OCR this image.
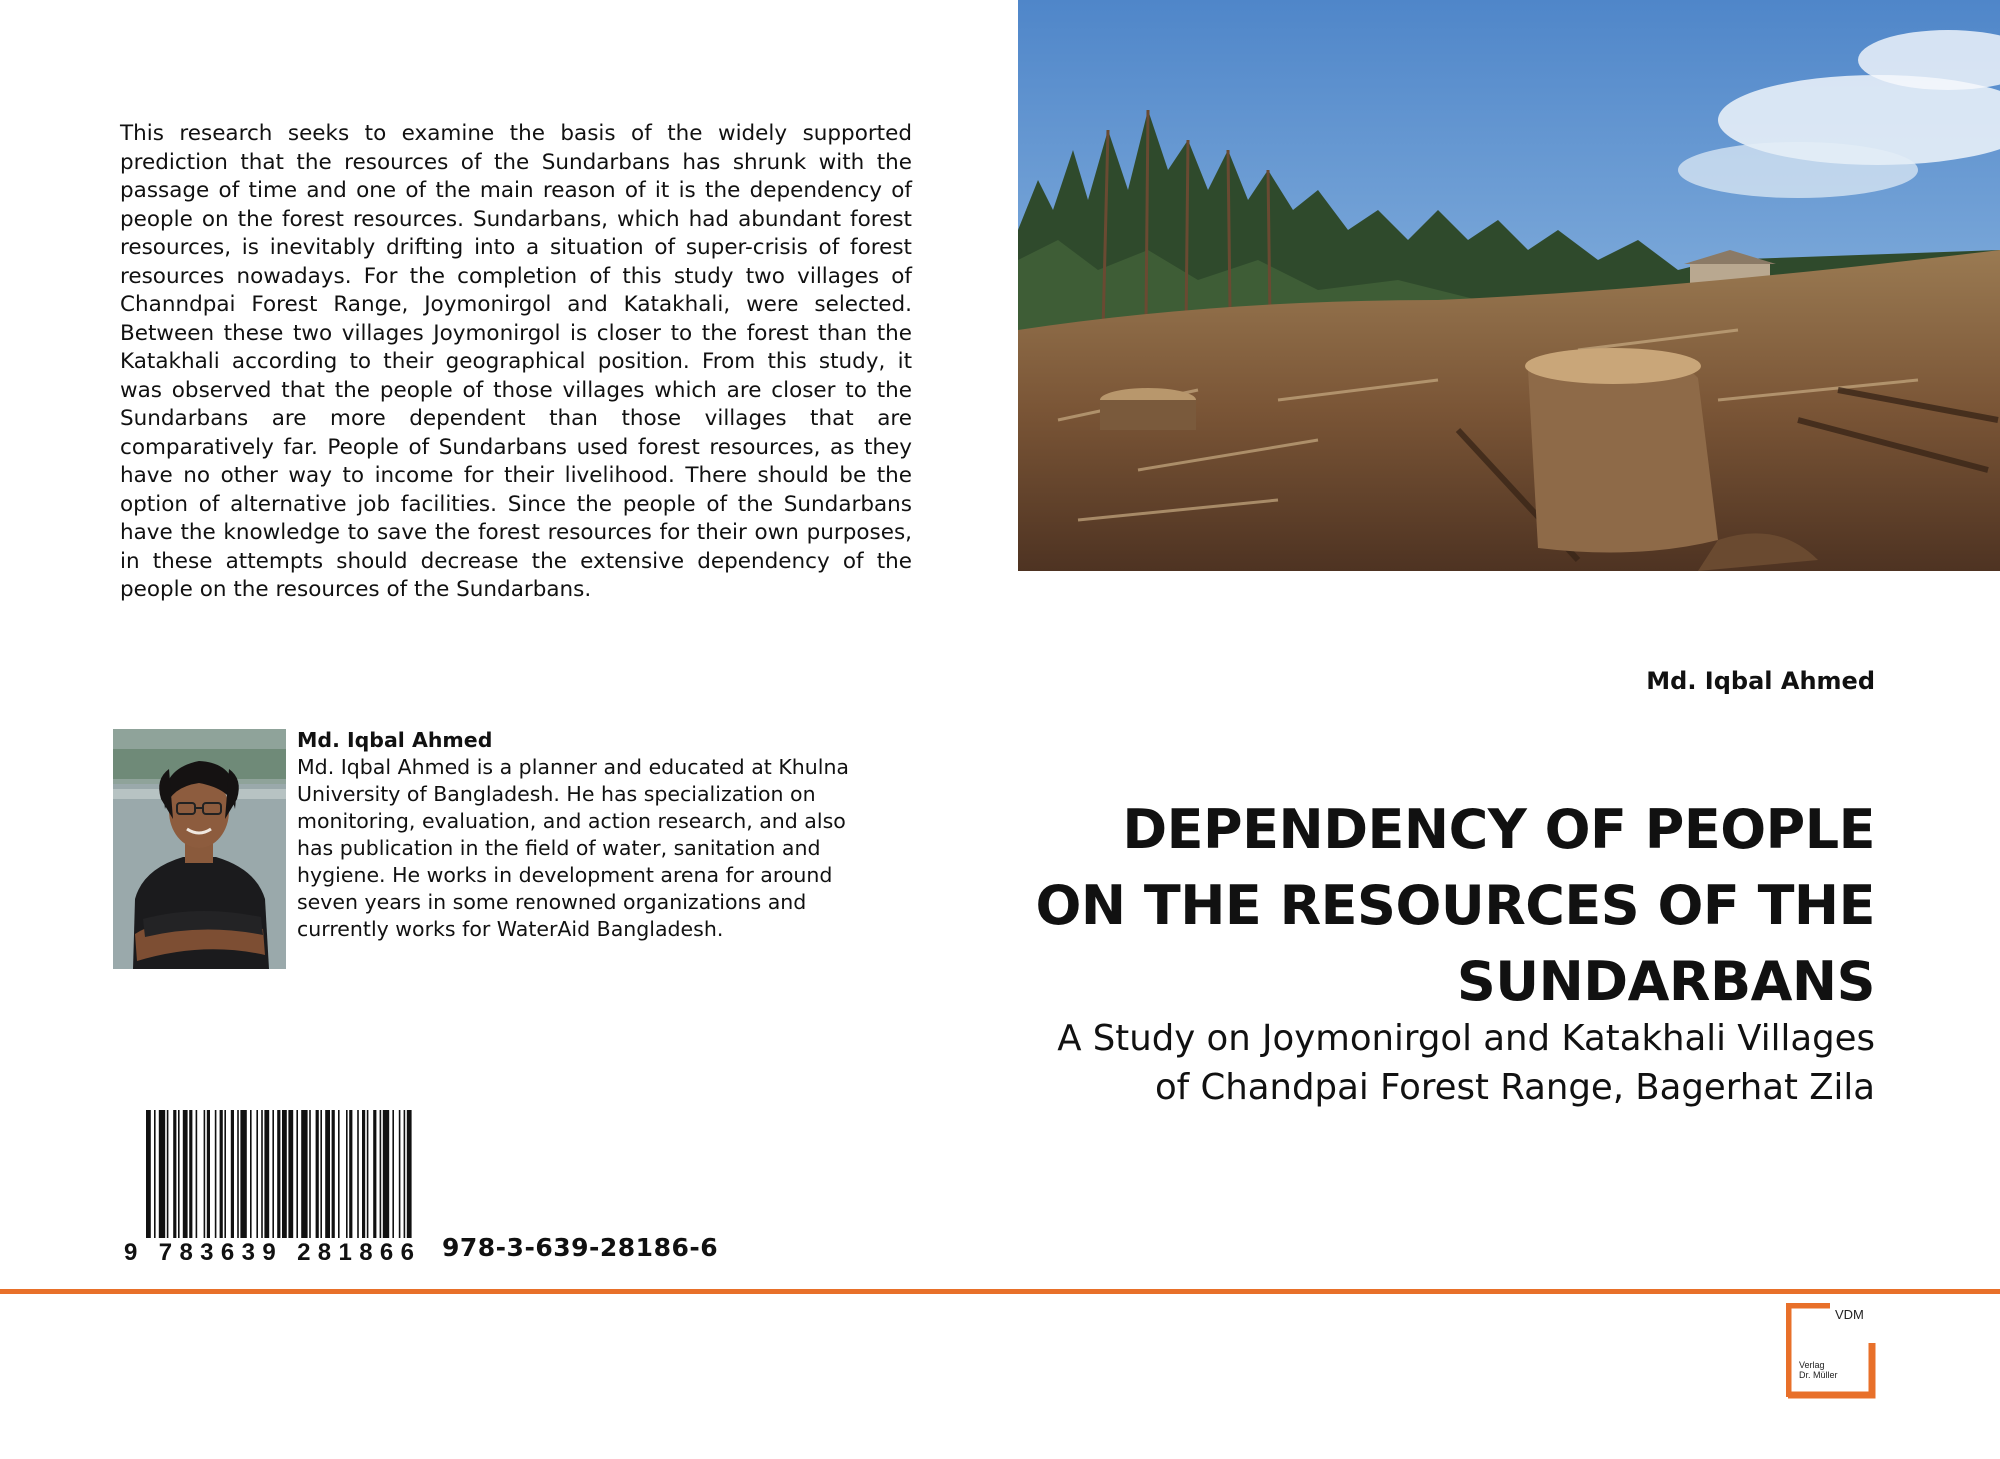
This research seeks to examine the basis of the widely supported prediction that the resources of the Sundarbans has shrunk with the passage of time and one of the main reason of it is the dependency of people on the forest resources. Sundarbans, which had abundant forest resources, is inevitably drifting into a situation of super-crisis of forest resources nowadays. For the completion of this study two villages of Channdpai Forest Range, Joymonirgol and Katakhali, were selected. Between these two villages Joymonirgol is closer to the forest than the Katakhali according to their geographical position. From this study, it was observed that the people of those villages which are closer to the Sundarbans are more dependent than those villages that are comparatively far. People of Sundarbans used forest resources, as they have no other way to income for their livelihood. There should be the option of alternative job facilities. Since the people of the Sundarbans have the knowledge to save the forest resources for their own purposes, in these attempts should decrease the extensive dependency of the people on the resources of the Sundarbans.

Md. Iqbal Ahmed

Md. Iqbal Ahmed is a planner and educated at Khulna University of Bangladesh. He has specialization on monitoring, evaluation, and action research, and also has publication in the field of water, sanitation and hygiene. He works in development arena for around seven years in some renowned organizations and currently works for WaterAid Bangladesh.

9 783639 281866 978-3-639-28186-6
Md. Iqbal Ahmed
DEPENDENCY OF PEOPLE ON THE RESOURCES OF THE SUNDARBANS

A Study on Joymonirgol and Katakhali Villages of Chandpai Forest Range, Bagerhat Zila

VDM
Verlag
Dr. Müller
